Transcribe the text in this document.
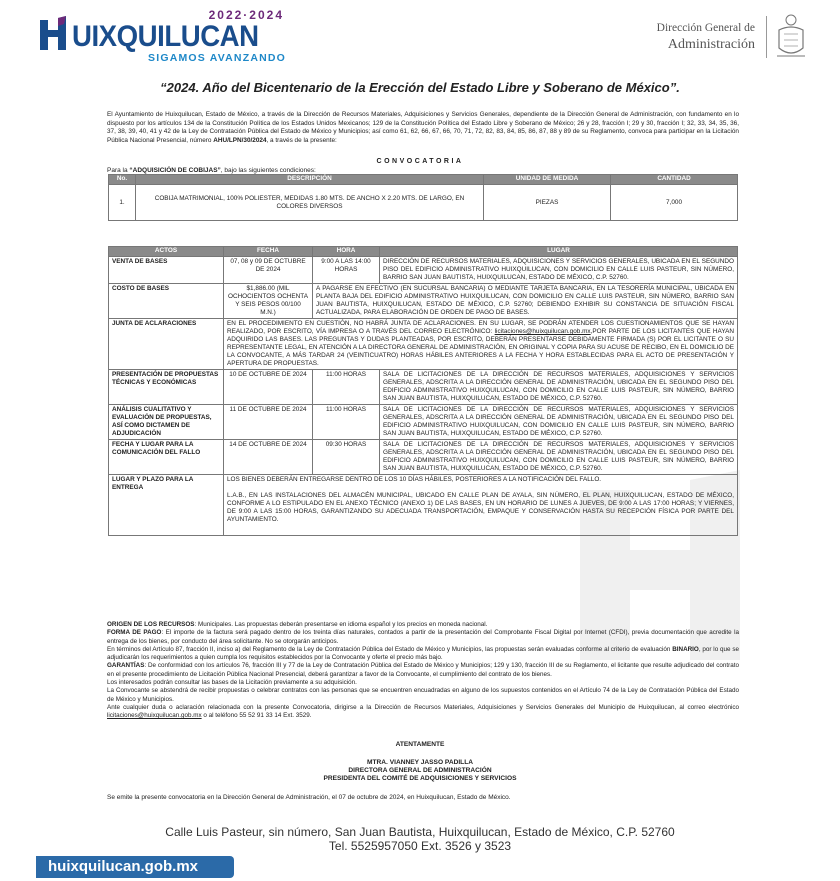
2022·2024
UIXQUILUCAN
SIGAMOS AVANZANDO
Dirección General de
Administración
“2024. Año del Bicentenario de la Erección del Estado Libre y Soberano de México”.
El Ayuntamiento de Huixquilucan, Estado de México, a través de la Dirección de Recursos Materiales, Adquisiciones y Servicios Generales, dependiente de la Dirección General de Administración, con fundamento en lo dispuesto por los artículos 134 de la Constitución Política de los Estados Unidos Mexicanos; 129 de la Constitución Política del Estado Libre y Soberano de México; 26 y 28, fracción I; 29 y 30, fracción I; 32, 33, 34, 35, 36, 37, 38, 39, 40, 41 y 42 de la Ley de Contratación Pública del Estado de México y Municipios; así como 61, 62, 66, 67, 66, 70, 71, 72, 82, 83, 84, 85, 86, 87, 88 y 89 de su Reglamento, convoca para participar en la Licitación Pública Nacional Presencial, número AHU/LPN/30/2024, a través de la presente:
CONVOCATORIA
Para la “ADQUISICIÓN DE COBIJAS”, bajo las siguientes condiciones:
No.	DESCRIPCIÓN	UNIDAD DE MEDIDA	CANTIDAD
1.	COBIJA MATRIMONIAL, 100% POLIESTER, MEDIDAS 1.80 MTS. DE ANCHO X 2.20 MTS. DE LARGO, EN COLORES DIVERSOS	PIEZAS	7,000
ACTOS	FECHA	HORA	LUGAR
VENTA DE BASES	07, 08 y 09 DE OCTUBRE DE 2024	9:00 A LAS 14:00 HORAS	DIRECCIÓN DE RECURSOS MATERIALES, ADQUISICIONES Y SERVICIOS GENERALES, UBICADA EN EL SEGUNDO PISO DEL EDIFICIO ADMINISTRATIVO HUIXQUILUCAN, CON DOMICILIO EN CALLE LUIS PASTEUR, SIN NÚMERO, BARRIO SAN JUAN BAUTISTA, HUIXQUILUCAN, ESTADO DE MÉXICO, C.P. 52760.
COSTO DE BASES	$1,886.00 (MIL OCHOCIENTOS OCHENTA Y SEIS PESOS 00/100 M.N.)	A PAGARSE EN EFECTIVO (EN SUCURSAL BANCARIA) O MEDIANTE TARJETA BANCARIA, EN LA TESORERÍA MUNICIPAL, UBICADA EN PLANTA BAJA DEL EDIFICIO ADMINISTRATIVO HUIXQUILUCAN, CON DOMICILIO EN CALLE LUIS PASTEUR, SIN NÚMERO, BARRIO SAN JUAN BAUTISTA, HUIXQUILUCAN, ESTADO DE MÉXICO, C.P. 52760; DEBIENDO EXHIBIR SU CONSTANCIA DE SITUACIÓN FISCAL ACTUALIZADA, PARA ELABORACIÓN DE ORDEN DE PAGO DE BASES.	
JUNTA DE ACLARACIONES	EN EL PROCEDIMIENTO EN CUESTIÓN, NO HABRÁ JUNTA DE ACLARACIONES. EN SU LUGAR, SE PODRÁN ATENDER LOS CUESTIONAMIENTOS QUE SE HAYAN REALIZADO, POR ESCRITO, VÍA IMPRESA O A TRAVÉS DEL CORREO ELECTRÓNICO: licitaciones@huixquilucan.gob.mx,POR PARTE DE LOS LICITANTES QUE HAYAN ADQUIRIDO LAS BASES. LAS PREGUNTAS Y DUDAS PLANTEADAS, POR ESCRITO, DEBERÁN PRESENTARSE DEBIDAMENTE FIRMADA (S) POR EL LICITANTE O SU REPRESENTANTE LEGAL, EN ATENCIÓN A LA DIRECTORA GENERAL DE ADMINISTRACIÓN, EN ORIGINAL Y COPIA PARA SU ACUSE DE RECIBO, EN EL DOMICILIO DE LA CONVOCANTE, A MÁS TARDAR 24 (VEINTICUATRO) HORAS HÁBILES ANTERIORES A LA FECHA Y HORA ESTABLECIDAS PARA EL ACTO DE PRESENTACIÓN Y APERTURA DE PROPUESTAS.		
PRESENTACIÓN DE PROPUESTAS TÉCNICAS Y ECONÓMICAS	10 DE OCTUBRE DE 2024	11:00 HORAS	SALA DE LICITACIONES DE LA DIRECCIÓN DE RECURSOS MATERIALES, ADQUISICIONES Y SERVICIOS GENERALES, ADSCRITA A LA DIRECCIÓN GENERAL DE ADMINISTRACIÓN, UBICADA EN EL SEGUNDO PISO DEL EDIFICIO ADMINISTRATIVO HUIXQUILUCAN, CON DOMICILIO EN CALLE LUIS PASTEUR, SIN NÚMERO, BARRIO SAN JUAN BAUTISTA, HUIXQUILUCAN, ESTADO DE MÉXICO, C.P. 52760.
ANÁLISIS CUALITATIVO Y EVALUACIÓN DE PROPUESTAS, ASÍ COMO DICTAMEN DE ADJUDICACIÓN	11 DE OCTUBRE DE 2024	11:00 HORAS	SALA DE LICITACIONES DE LA DIRECCIÓN DE RECURSOS MATERIALES, ADQUISICIONES Y SERVICIOS GENERALES, ADSCRITA A LA DIRECCIÓN GENERAL DE ADMINISTRACIÓN, UBICADA EN EL SEGUNDO PISO DEL EDIFICIO ADMINISTRATIVO HUIXQUILUCAN, CON DOMICILIO EN CALLE LUIS PASTEUR, SIN NÚMERO, BARRIO SAN JUAN BAUTISTA, HUIXQUILUCAN, ESTADO DE MÉXICO, C.P. 52760.
FECHA Y LUGAR PARA LA COMUNICACIÓN DEL FALLO	14 DE OCTUBRE DE 2024	09:30 HORAS	SALA DE LICITACIONES DE LA DIRECCIÓN DE RECURSOS MATERIALES, ADQUISICIONES Y SERVICIOS GENERALES, ADSCRITA A LA DIRECCIÓN GENERAL DE ADMINISTRACIÓN, UBICADA EN EL SEGUNDO PISO DEL EDIFICIO ADMINISTRATIVO HUIXQUILUCAN, CON DOMICILIO EN CALLE LUIS PASTEUR, SIN NÚMERO, BARRIO SAN JUAN BAUTISTA, HUIXQUILUCAN, ESTADO DE MÉXICO, C.P. 52760.
LUGAR Y PLAZO PARA LA ENTREGA	LOS BIENES DEBERÁN ENTREGARSE DENTRO DE LOS 10 DÍAS HÁBILES, POSTERIORES A LA NOTIFICACIÓN DEL FALLO.
L.A.B., EN LAS INSTALACIONES DEL ALMACÉN MUNICIPAL, UBICADO EN CALLE PLAN DE AYALA, SIN NÚMERO, EL PLAN, HUIXQUILUCAN, ESTADO DE MÉXICO, CONFORME A LO ESTIPULADO EN EL ANEXO TÉCNICO (ANEXO 1) DE LAS BASES, EN UN HORARIO DE LUNES A JUEVES, DE 9:00 A LAS 17:00 HORAS; Y VIERNES, DE 9:00 A LAS 15:00 HORAS, GARANTIZANDO SU ADECUADA TRANSPORTACIÓN, EMPAQUE Y CONSERVACIÓN HASTA SU RECEPCIÓN FÍSICA POR PARTE DEL AYUNTAMIENTO.		
ORIGEN DE LOS RECURSOS: Municipales. Las propuestas deberán presentarse en idioma español y los precios en moneda nacional.
FORMA DE PAGO: El importe de la factura será pagado dentro de los treinta días naturales, contados a partir de la presentación del Comprobante Fiscal Digital por Internet (CFDI), previa documentación que acredite la entrega de los bienes, por conducto del área solicitante. No se otorgarán anticipos.
En términos del Artículo 87, fracción II, inciso a) del Reglamento de la Ley de Contratación Pública del Estado de México y Municipios, las propuestas serán evaluadas conforme al criterio de evaluación BINARIO, por lo que se adjudicarán los requerimientos a quien cumpla los requisitos establecidos por la Convocante y oferte el precio más bajo.
GARANTÍAS: De conformidad con los artículos 76, fracción III y 77 de la Ley de Contratación Pública del Estado de México y Municipios; 129 y 130, fracción III de su Reglamento, el licitante que resulte adjudicado del contrato en el presente procedimiento de Licitación Pública Nacional Presencial, deberá garantizar a favor de la Convocante, el cumplimiento del contrato de los bienes.
Los interesados podrán consultar las bases de la Licitación previamente a su adquisición.
La Convocante se abstendrá de recibir propuestas o celebrar contratos con las personas que se encuentren encuadradas en alguno de los supuestos contenidos en el Artículo 74 de la Ley de Contratación Pública del Estado de México y Municipios.
Ante cualquier duda o aclaración relacionada con la presente Convocatoria, dirigirse a la Dirección de Recursos Materiales, Adquisiciones y Servicios Generales del Municipio de Huixquilucan, al correo electrónico licitaciones@huixquilucan.gob.mx o al teléfono 55 52 91 33 14 Ext. 3529.
ATENTAMENTE
MTRA. VIANNEY JASSO PADILLA
DIRECTORA GENERAL DE ADMINISTRACIÓN
PRESIDENTA DEL COMITÉ DE ADQUISICIONES Y SERVICIOS
Se emite la presente convocatoria en la Dirección General de Administración, el 07 de octubre de 2024, en Huixquilucan, Estado de México.
Calle Luis Pasteur, sin número, San Juan Bautista, Huixquilucan, Estado de México, C.P. 52760
Tel. 5525957050 Ext. 3526 y 3523
huixquilucan.gob.mx
